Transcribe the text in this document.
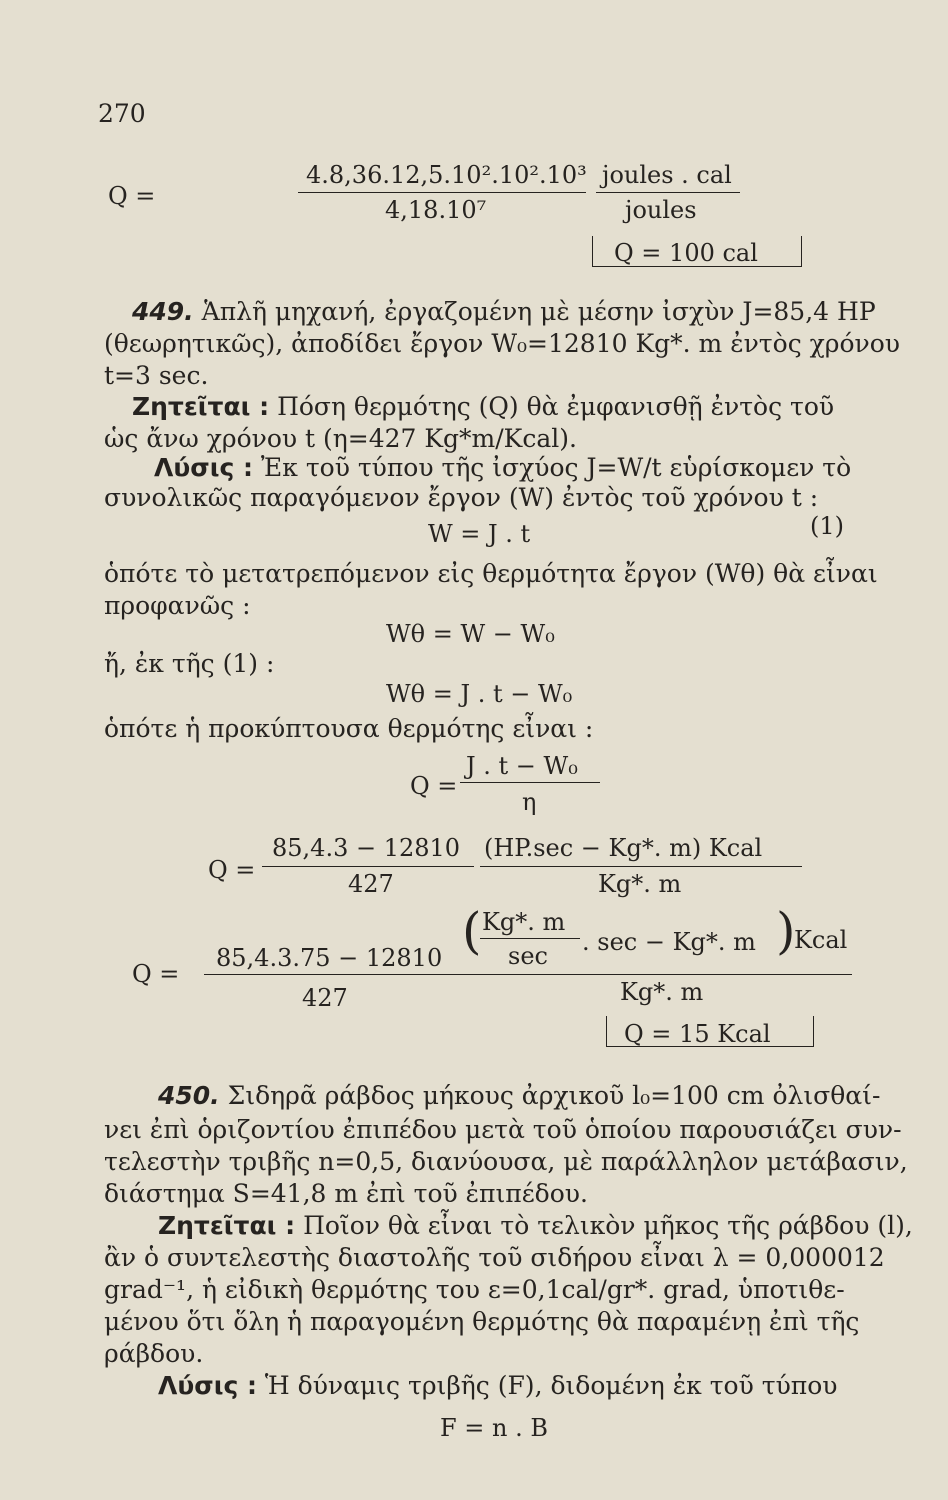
270
Q =
4.8,36.12,5.10².10².10³
4,18.10⁷
joules . cal
joules
Q = 100 cal
449. Ἁπλῆ μηχανή, ἐργαζομένη μὲ μέσην ἰσχὺν J=85,4 HP
(θεωρητικῶς), ἀποδίδει ἔργον W₀=12810 Kg*. m ἐντὸς χρόνου
t=3 sec.
Ζητεῖται : Πόση θερμότης (Q) θὰ ἐμφανισθῇ ἐντὸς τοῦ
ὡς ἄνω χρόνου t (η=427 Kg*m/Kcal).
Λύσις : Ἐκ τοῦ τύπου τῆς ἰσχύος J=W/t εὑρίσκομεν τὸ
συνολικῶς παραγόμενον ἔργον (W) ἐντὸς τοῦ χρόνου t :
W = J . t	(1)
ὁπότε τὸ μετατρεπόμενον εἰς θερμότητα ἔργον (Wθ) θὰ εἶναι
προφανῶς :
Wθ = W − W₀
ἤ, ἐκ τῆς (1) :
Wθ = J . t − W₀
ὁπότε ἡ προκύπτουσα θερμότης εἶναι :
Q =
J . t − W₀
η
Q =
85,4.3 − 12810
427
(HP.sec − Kg*. m) Kcal
Kg*. m
Q =
85,4.3.75 − 12810
427
( Kg*. m
sec . sec − Kg*. m )
Kcal
Kg*. m
Q = 15 Kcal
450. Σιδηρᾶ ράβδος μήκους ἀρχικοῦ l₀=100 cm ὀλισθαί-
νει ἐπὶ ὁριζοντίου ἐπιπέδου μετὰ τοῦ ὁποίου παρουσιάζει συν-
τελεστὴν τριβῆς n=0,5, διανύουσα, μὲ παράλληλον μετάβασιν,
διάστημα S=41,8 m ἐπὶ τοῦ ἐπιπέδου.
Ζητεῖται : Ποῖον θὰ εἶναι τὸ τελικὸν μῆκος τῆς ράβδου (l),
ἂν ὁ συντελεστὴς διαστολῆς τοῦ σιδήρου εἶναι λ = 0,000012
grad⁻¹, ἡ εἰδικὴ θερμότης του ε=0,1cal/gr*. grad, ὑποτιθε-
μένου ὅτι ὅλη ἡ παραγομένη θερμότης θὰ παραμένῃ ἐπὶ τῆς
ράβδου.
Λύσις : Ἡ δύναμις τριβῆς (F), διδομένη ἐκ τοῦ τύπου
F = n . B
